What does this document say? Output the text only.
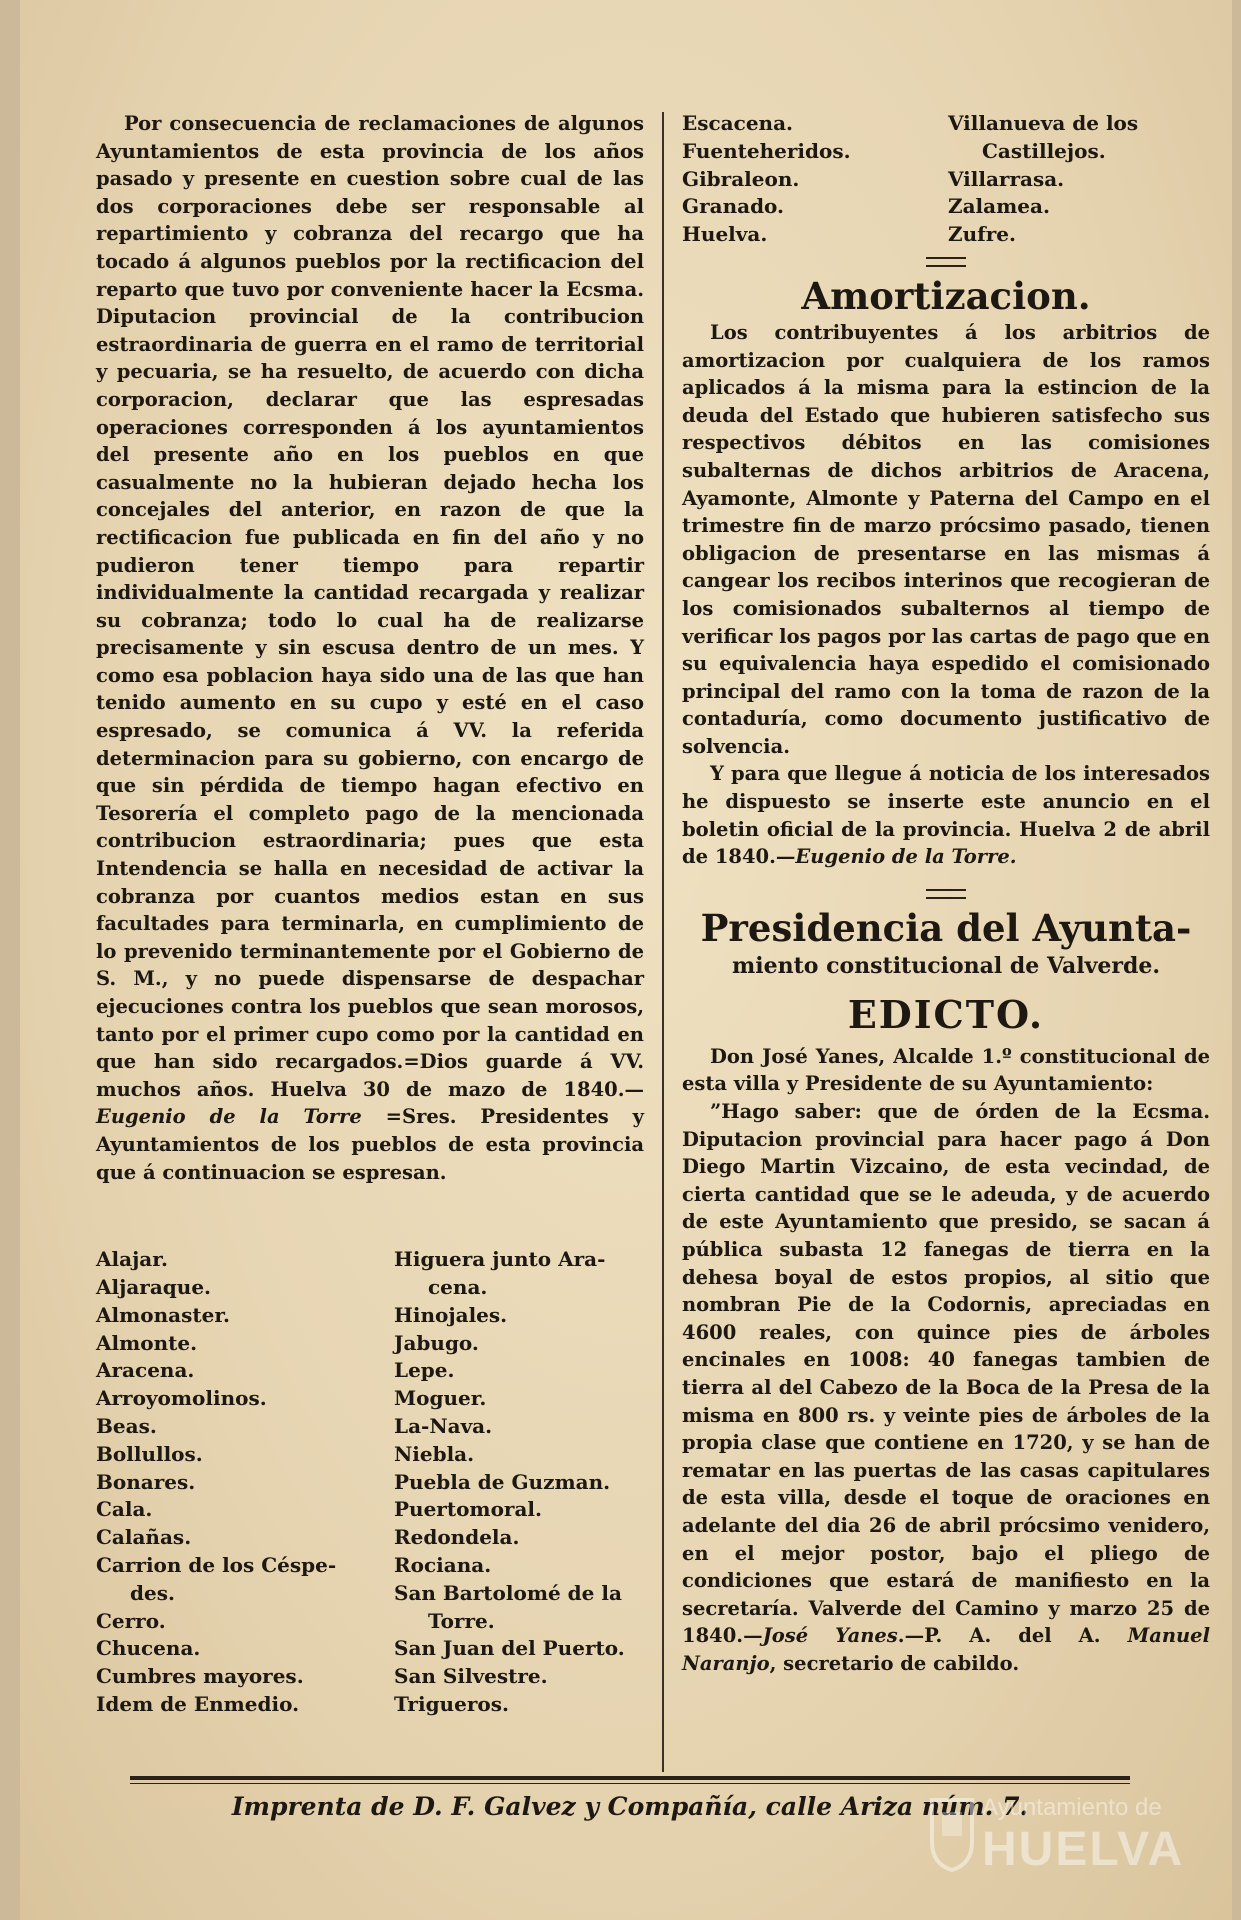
Por consecuencia de reclamaciones de algunos Ayuntamientos de esta provincia de los años pasado y presente en cuestion sobre cual de las dos corporaciones debe ser responsable al repartimiento y cobranza del recargo que ha tocado á algunos pueblos por la rectificacion del reparto que tuvo por conveniente hacer la Ecsma. Diputacion provincial de la contribucion estraordinaria de guerra en el ramo de territorial y pecuaria, se ha resuelto, de acuerdo con dicha corporacion, declarar que las espresadas operaciones corresponden á los ayuntamientos del presente año en los pueblos en que casualmente no la hubieran dejado hecha los concejales del anterior, en razon de que la rectificacion fue publicada en fin del año y no pudieron tener tiempo para repartir individualmente la cantidad recargada y realizar su cobranza; todo lo cual ha de realizarse precisamente y sin escusa dentro de un mes. Y como esa poblacion haya sido una de las que han tenido aumento en su cupo y esté en el caso espresado, se comunica á VV. la referida determinacion para su gobierno, con encargo de que sin pérdida de tiempo hagan efectivo en Tesorería el completo pago de la mencionada contribucion estraordinaria; pues que esta Intendencia se halla en necesidad de activar la cobranza por cuantos medios estan en sus facultades para terminarla, en cumplimiento de lo prevenido terminantemente por el Gobierno de S. M., y no puede dispensarse de despachar ejecuciones contra los pueblos que sean morosos, tanto por el primer cupo como por la cantidad en que han sido recargados.=Dios guarde á VV. muchos años. Huelva 30 de mazo de 1840.—Eugenio de la Torre =Sres. Presidentes y Ayuntamientos de los pueblos de esta provincia que á continuacion se espresan.

Alajar.
Aljaraque.
Almonaster.
Almonte.
Aracena.
Arroyomolinos.
Beas.
Bollullos.
Bonares.
Cala.
Calañas.
Carrion de los Céspe-
des.
Cerro.
Chucena.
Cumbres mayores.
Idem de Enmedio.
Higuera junto Ara-
cena.
Hinojales.
Jabugo.
Lepe.
Moguer.
La-Nava.
Niebla.
Puebla de Guzman.
Puertomoral.
Redondela.
Rociana.
San Bartolomé de la
Torre.
San Juan del Puerto.
San Silvestre.
Trigueros.
Escacena.
Fuenteheridos.
Gibraleon.
Granado.
Huelva.
Villanueva de los
Castillejos.
Villarrasa.
Zalamea.
Zufre.
Amortizacion.

Los contribuyentes á los arbitrios de amortizacion por cualquiera de los ramos aplicados á la misma para la estincion de la deuda del Estado que hubieren satisfecho sus respectivos débitos en las comisiones subalternas de dichos arbitrios de Aracena, Ayamonte, Almonte y Paterna del Campo en el trimestre fin de marzo prócsimo pasado, tienen obligacion de presentarse en las mismas á cangear los recibos interinos que recogieran de los comisionados subalternos al tiempo de verificar los pagos por las cartas de pago que en su equivalencia haya espedido el comisionado principal del ramo con la toma de razon de la contaduría, como documento justificativo de solvencia.

Y para que llegue á noticia de los interesados he dispuesto se inserte este anuncio en el boletin oficial de la provincia. Huelva 2 de abril de 1840.—Eugenio de la Torre.

Presidencia del Ayunta-
miento constitucional de Valverde.
EDICTO.

Don José Yanes, Alcalde 1.º constitucional de esta villa y Presidente de su Ayuntamiento:

”Hago saber: que de órden de la Ecsma. Diputacion provincial para hacer pago á Don Diego Martin Vizcaino, de esta vecindad, de cierta cantidad que se le adeuda, y de acuerdo de este Ayuntamiento que presido, se sacan á pública subasta 12 fanegas de tierra en la dehesa boyal de estos propios, al sitio que nombran Pie de la Codornis, apreciadas en 4600 reales, con quince pies de árboles encinales en 1008: 40 fanegas tambien de tierra al del Cabezo de la Boca de la Presa de la misma en 800 rs. y veinte pies de árboles de la propia clase que contiene en 1720, y se han de rematar en las puertas de las casas capitulares de esta villa, desde el toque de oraciones en adelante del dia 26 de abril prócsimo venidero, en el mejor postor, bajo el pliego de condiciones que estará de manifiesto en la secretaría. Valverde del Camino y marzo 25 de 1840.—José Yanes.—P. A. del A. Manuel Naranjo, secretario de cabildo.

Imprenta de D. F. Galvez y Compañía, calle Ariza núm. 7.
Ayuntamiento de
HUELVA
